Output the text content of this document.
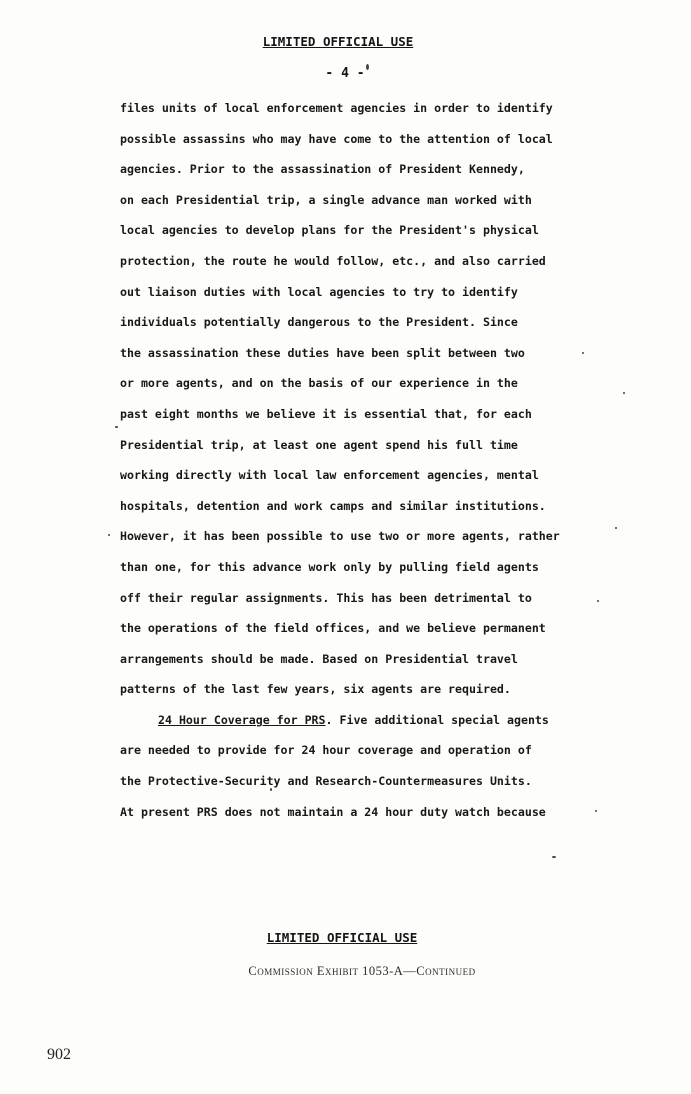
LIMITED OFFICIAL USE
- 4 -
files units of local enforcement agencies in order to identify
possible assassins who may have come to the attention of local
agencies. Prior to the assassination of President Kennedy,
on each Presidential trip, a single advance man worked with
local agencies to develop plans for the President's physical
protection, the route he would follow, etc., and also carried
out liaison duties with local agencies to try to identify
individuals potentially dangerous to the President. Since
the assassination these duties have been split between two
or more agents, and on the basis of our experience in the
past eight months we believe it is essential that, for each
Presidential trip, at least one agent spend his full time
working directly with local law enforcement agencies, mental
hospitals, detention and work camps and similar institutions.
However, it has been possible to use two or more agents, rather
than one, for this advance work only by pulling field agents
off their regular assignments. This has been detrimental to
the operations of the field offices, and we believe permanent
arrangements should be made. Based on Presidential travel
patterns of the last few years, six agents are required.
24 Hour Coverage for PRS. Five additional special agents
are needed to provide for 24 hour coverage and operation of
the Protective-Security and Research-Countermeasures Units.
At present PRS does not maintain a 24 hour duty watch because
LIMITED OFFICIAL USE
Commission Exhibit 1053-A—Continued
902
